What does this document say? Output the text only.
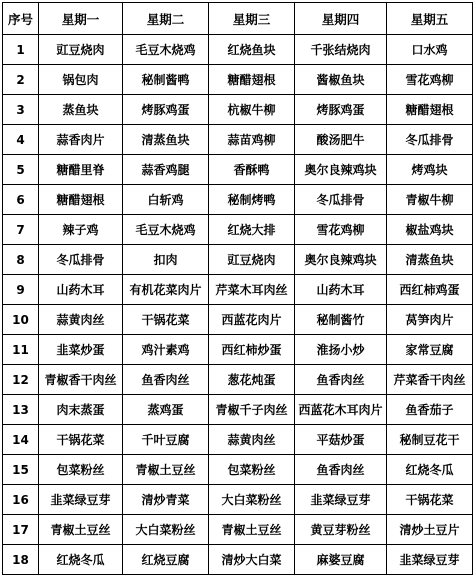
序号	星期一	星期二	星期三	星期四	星期五
1	豇豆烧肉	毛豆木烧鸡	红烧鱼块	千张结烧肉	口水鸡
2	锅包肉	秘制酱鸭	糖醋翅根	酱椒鱼块	雪花鸡柳
3	蒸鱼块	烤豚鸡蛋	杭椒牛柳	烤豚鸡蛋	糖醋翅根
4	蒜香肉片	清蒸鱼块	蒜苗鸡柳	酸汤肥牛	冬瓜排骨
5	糖醋里脊	蒜香鸡腿	香酥鸭	奥尔良辣鸡块	烤鸡块
6	糖醋翅根	白斩鸡	秘制烤鸭	冬瓜排骨	青椒牛柳
7	辣子鸡	毛豆木烧鸡	红烧大排	雪花鸡柳	椒盐鸡块
8	冬瓜排骨	扣肉	豇豆烧肉	奥尔良辣鸡块	清蒸鱼块
9	山药木耳	有机花菜肉片	芹菜木耳肉丝	山药木耳	西红柿鸡蛋
10	蒜黄肉丝	干锅花菜	西蓝花肉片	秘制酱竹	莴笋肉片
11	韭菜炒蛋	鸡汁素鸡	西红柿炒蛋	淮扬小炒	家常豆腐
12	青椒香干肉丝	鱼香肉丝	葱花炖蛋	鱼香肉丝	芹菜香干肉丝
13	肉末蒸蛋	蒸鸡蛋	青椒千子肉丝	西蓝花木耳肉片	鱼香茄子
14	干锅花菜	千叶豆腐	蒜黄肉丝	平菇炒蛋	秘制豆花干
15	包菜粉丝	青椒土豆丝	包菜粉丝	鱼香肉丝	红烧冬瓜
16	韭菜绿豆芽	清炒青菜	大白菜粉丝	韭菜绿豆芽	干锅花菜
17	青椒土豆丝	大白菜粉丝	青椒土豆丝	黄豆芽粉丝	清炒土豆片
18	红烧冬瓜	红烧豆腐	清炒大白菜	麻婆豆腐	韭菜绿豆芽
